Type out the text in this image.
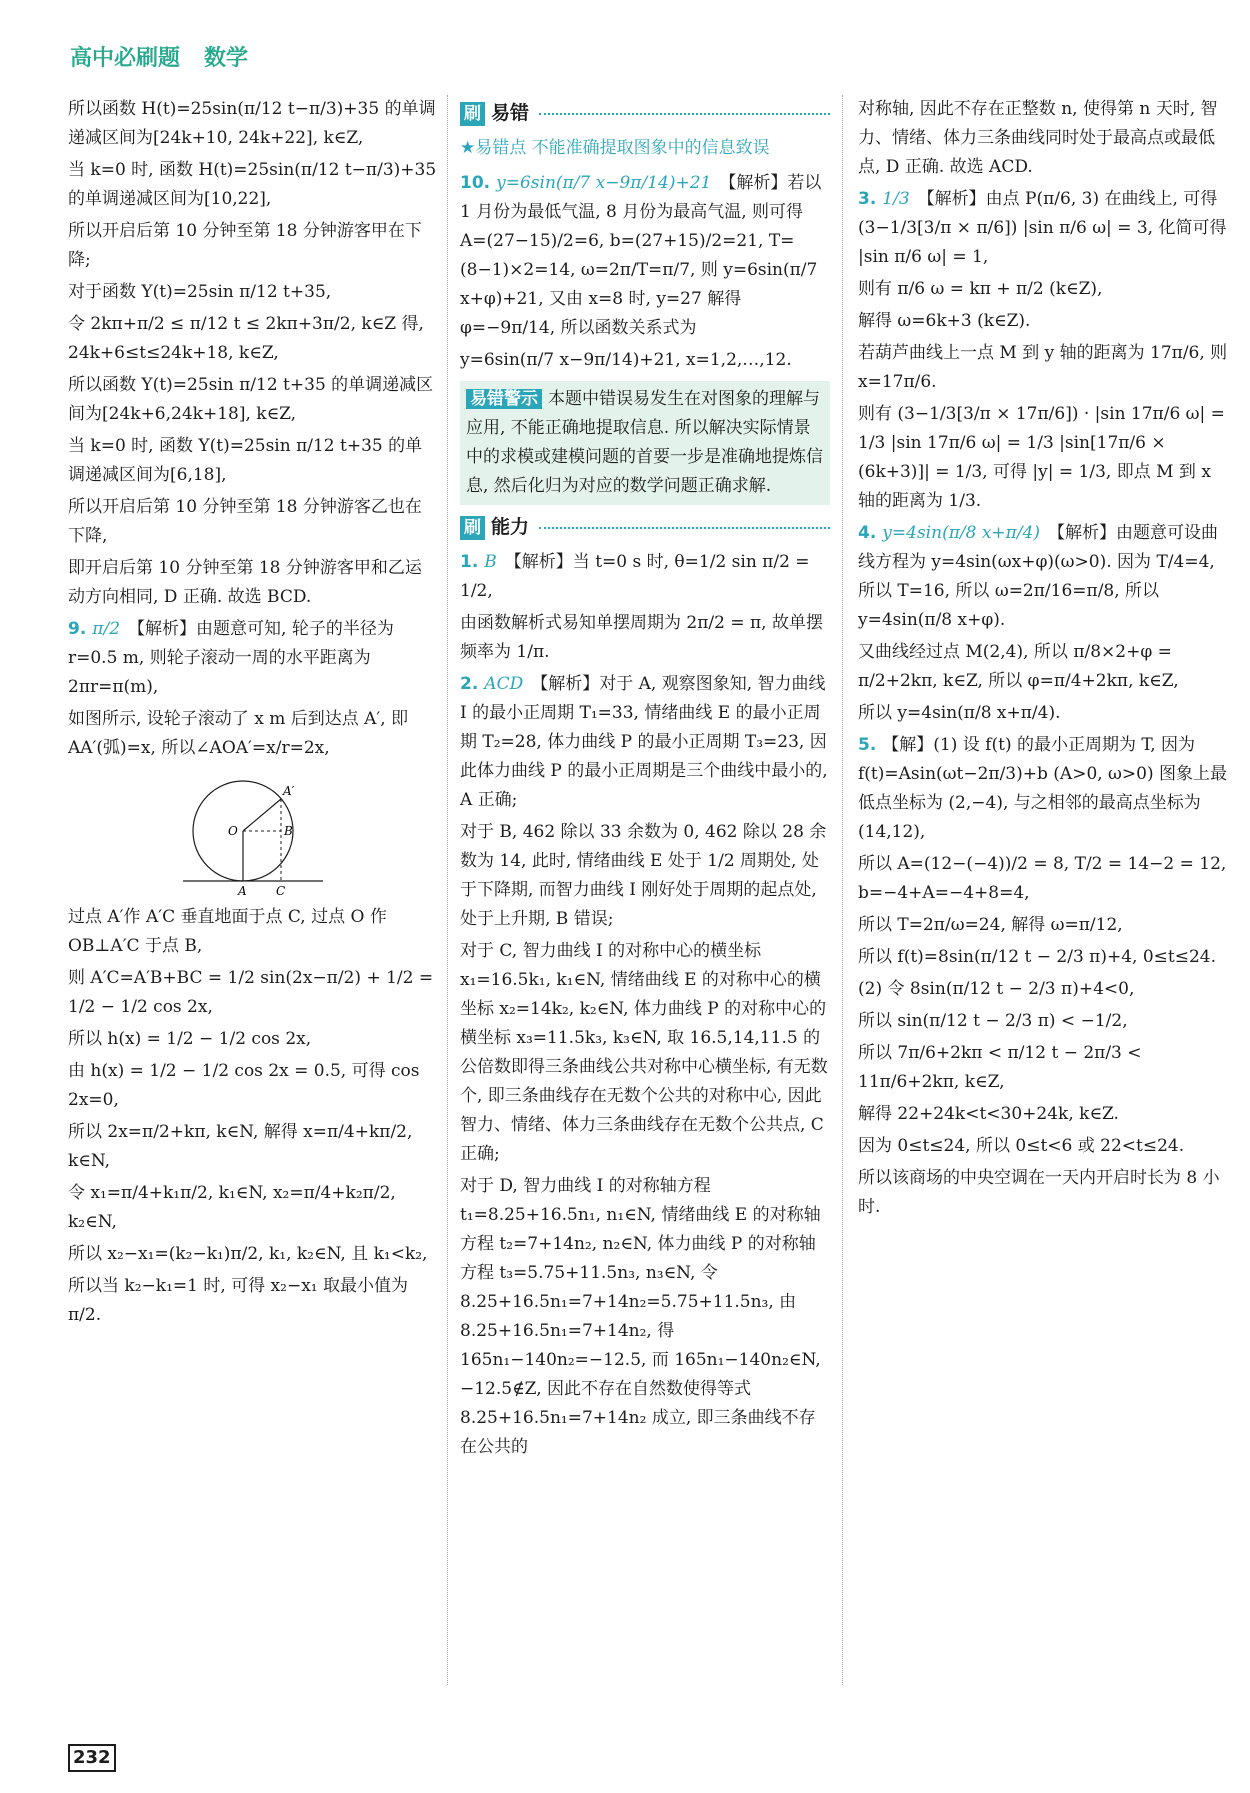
高中必刷题 数学

所以函数 H(t)=25sin(π/12 t−π/3)+35 的单调递减区间为[24k+10, 24k+22], k∈Z,

当 k=0 时, 函数 H(t)=25sin(π/12 t−π/3)+35 的单调递减区间为[10,22],

所以开启后第 10 分钟至第 18 分钟游客甲在下降;

对于函数 Y(t)=25sin π/12 t+35,

令 2kπ+π/2 ≤ π/12 t ≤ 2kπ+3π/2, k∈Z 得, 24k+6≤t≤24k+18, k∈Z,

所以函数 Y(t)=25sin π/12 t+35 的单调递减区间为[24k+6,24k+18], k∈Z,

当 k=0 时, 函数 Y(t)=25sin π/12 t+35 的单调递减区间为[6,18],

所以开启后第 10 分钟至第 18 分钟游客乙也在下降,

即开启后第 10 分钟至第 18 分钟游客甲和乙运动方向相同, D 正确. 故选 BCD.

9. π/2 【解析】由题意可知, 轮子的半径为 r=0.5 m, 则轮子滚动一周的水平距离为 2πr=π(m),

如图所示, 设轮子滚动了 x m 后到达点 A′, 即 AA′(弧)=x, 所以∠AOA′=x/r=2x,

A′
O	B
A C

过点 A′作 A′C 垂直地面于点 C, 过点 O 作 OB⊥A′C 于点 B,

则 A′C=A′B+BC = 1/2 sin(2x−π/2) + 1/2 = 1/2 − 1/2 cos 2x,

所以 h(x) = 1/2 − 1/2 cos 2x,

由 h(x) = 1/2 − 1/2 cos 2x = 0.5, 可得 cos 2x=0,

所以 2x=π/2+kπ, k∈N, 解得 x=π/4+kπ/2, k∈N,

令 x₁=π/4+k₁π/2, k₁∈N, x₂=π/4+k₂π/2, k₂∈N,

所以 x₂−x₁=(k₂−k₁)π/2, k₁, k₂∈N, 且 k₁<k₂,

所以当 k₂−k₁=1 时, 可得 x₂−x₁ 取最小值为 π/2.

刷 易错

★易错点 不能准确提取图象中的信息致误

10. y=6sin(π/7 x−9π/14)+21 【解析】若以 1 月份为最低气温, 8 月份为最高气温, 则可得 A=(27−15)/2=6, b=(27+15)/2=21, T=(8−1)×2=14, ω=2π/T=π/7, 则 y=6sin(π/7 x+φ)+21, 又由 x=8 时, y=27 解得 φ=−9π/14, 所以函数关系式为

y=6sin(π/7 x−9π/14)+21, x=1,2,…,12.

易错警示 本题中错误易发生在对图象的理解与应用, 不能正确地提取信息. 所以解决实际情景中的求模或建模问题的首要一步是准确地提炼信息, 然后化归为对应的数学问题正确求解.
刷 能力

1. B 【解析】当 t=0 s 时, θ=1/2 sin π/2 = 1/2,

由函数解析式易知单摆周期为 2π/2 = π, 故单摆频率为 1/π.

2. ACD 【解析】对于 A, 观察图象知, 智力曲线 I 的最小正周期 T₁=33, 情绪曲线 E 的最小正周期 T₂=28, 体力曲线 P 的最小正周期 T₃=23, 因此体力曲线 P 的最小正周期是三个曲线中最小的, A 正确;

对于 B, 462 除以 33 余数为 0, 462 除以 28 余数为 14, 此时, 情绪曲线 E 处于 1/2 周期处, 处于下降期, 而智力曲线 I 刚好处于周期的起点处, 处于上升期, B 错误;

对于 C, 智力曲线 I 的对称中心的横坐标 x₁=16.5k₁, k₁∈N, 情绪曲线 E 的对称中心的横坐标 x₂=14k₂, k₂∈N, 体力曲线 P 的对称中心的横坐标 x₃=11.5k₃, k₃∈N, 取 16.5,14,11.5 的公倍数即得三条曲线公共对称中心横坐标, 有无数个, 即三条曲线存在无数个公共的对称中心, 因此智力、情绪、体力三条曲线存在无数个公共点, C 正确;

对于 D, 智力曲线 I 的对称轴方程 t₁=8.25+16.5n₁, n₁∈N, 情绪曲线 E 的对称轴方程 t₂=7+14n₂, n₂∈N, 体力曲线 P 的对称轴方程 t₃=5.75+11.5n₃, n₃∈N, 令 8.25+16.5n₁=7+14n₂=5.75+11.5n₃, 由 8.25+16.5n₁=7+14n₂, 得 165n₁−140n₂=−12.5, 而 165n₁−140n₂∈N, −12.5∉Z, 因此不存在自然数使得等式 8.25+16.5n₁=7+14n₂ 成立, 即三条曲线不存在公共的

对称轴, 因此不存在正整数 n, 使得第 n 天时, 智力、情绪、体力三条曲线同时处于最高点或最低点, D 正确. 故选 ACD.

3. 1/3 【解析】由点 P(π/6, 3) 在曲线上, 可得 (3−1/3[3/π × π/6]) |sin π/6 ω| = 3, 化简可得 |sin π/6 ω| = 1,

则有 π/6 ω = kπ + π/2 (k∈Z),

解得 ω=6k+3 (k∈Z).

若葫芦曲线上一点 M 到 y 轴的距离为 17π/6, 则 x=17π/6.

则有 (3−1/3[3/π × 17π/6]) · |sin 17π/6 ω| = 1/3 |sin 17π/6 ω| = 1/3 |sin[17π/6 × (6k+3)]| = 1/3, 可得 |y| = 1/3, 即点 M 到 x 轴的距离为 1/3.

4. y=4sin(π/8 x+π/4) 【解析】由题意可设曲线方程为 y=4sin(ωx+φ)(ω>0). 因为 T/4=4, 所以 T=16, 所以 ω=2π/16=π/8, 所以 y=4sin(π/8 x+φ).

又曲线经过点 M(2,4), 所以 π/8×2+φ = π/2+2kπ, k∈Z, 所以 φ=π/4+2kπ, k∈Z,

所以 y=4sin(π/8 x+π/4).

5. 【解】(1) 设 f(t) 的最小正周期为 T, 因为 f(t)=Asin(ωt−2π/3)+b (A>0, ω>0) 图象上最低点坐标为 (2,−4), 与之相邻的最高点坐标为 (14,12),

所以 A=(12−(−4))/2 = 8, T/2 = 14−2 = 12, b=−4+A=−4+8=4,

所以 T=2π/ω=24, 解得 ω=π/12,

所以 f(t)=8sin(π/12 t − 2/3 π)+4, 0≤t≤24.

(2) 令 8sin(π/12 t − 2/3 π)+4<0,

所以 sin(π/12 t − 2/3 π) < −1/2,

所以 7π/6+2kπ < π/12 t − 2π/3 < 11π/6+2kπ, k∈Z,

解得 22+24k<t<30+24k, k∈Z.

因为 0≤t≤24, 所以 0≤t<6 或 22<t≤24.

所以该商场的中央空调在一天内开启时长为 8 小时.

232
